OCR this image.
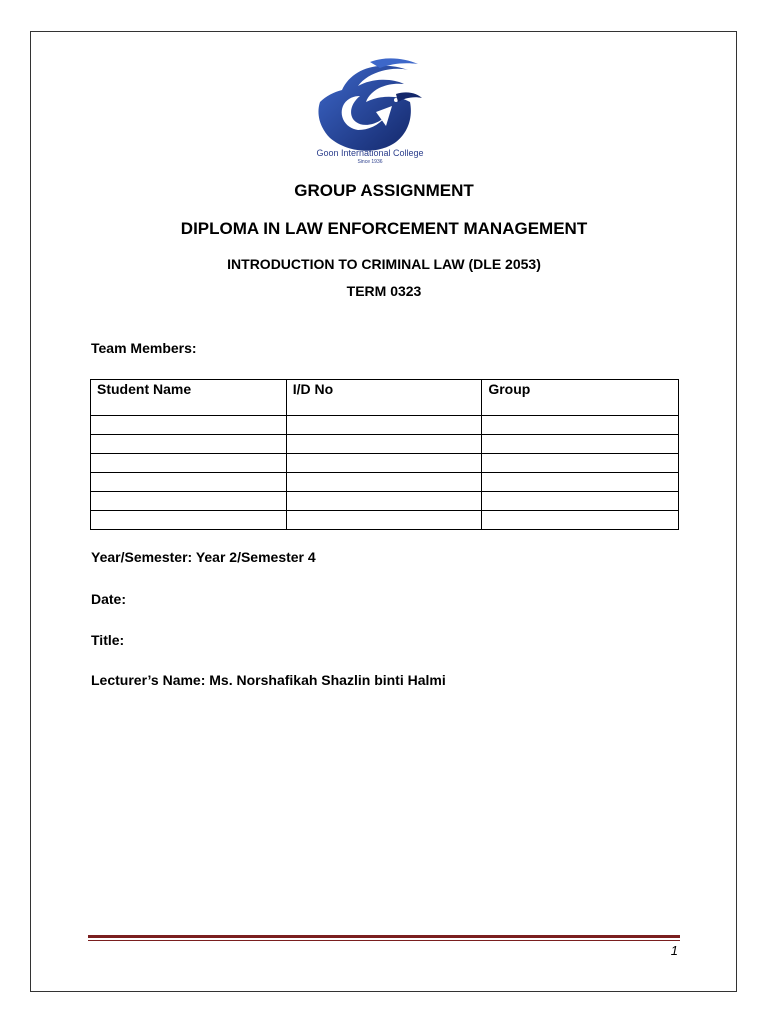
Goon International College
Since 1936
GROUP ASSIGNMENT
DIPLOMA IN LAW ENFORCEMENT MANAGEMENT
INTRODUCTION TO CRIMINAL LAW (DLE 2053)
TERM 0323
Team Members:
Student Name	I/D No	Group

Year/Semester: Year 2/Semester 4
Date:
Title:
Lecturer’s Name: Ms. Norshafikah Shazlin binti Halmi
1
